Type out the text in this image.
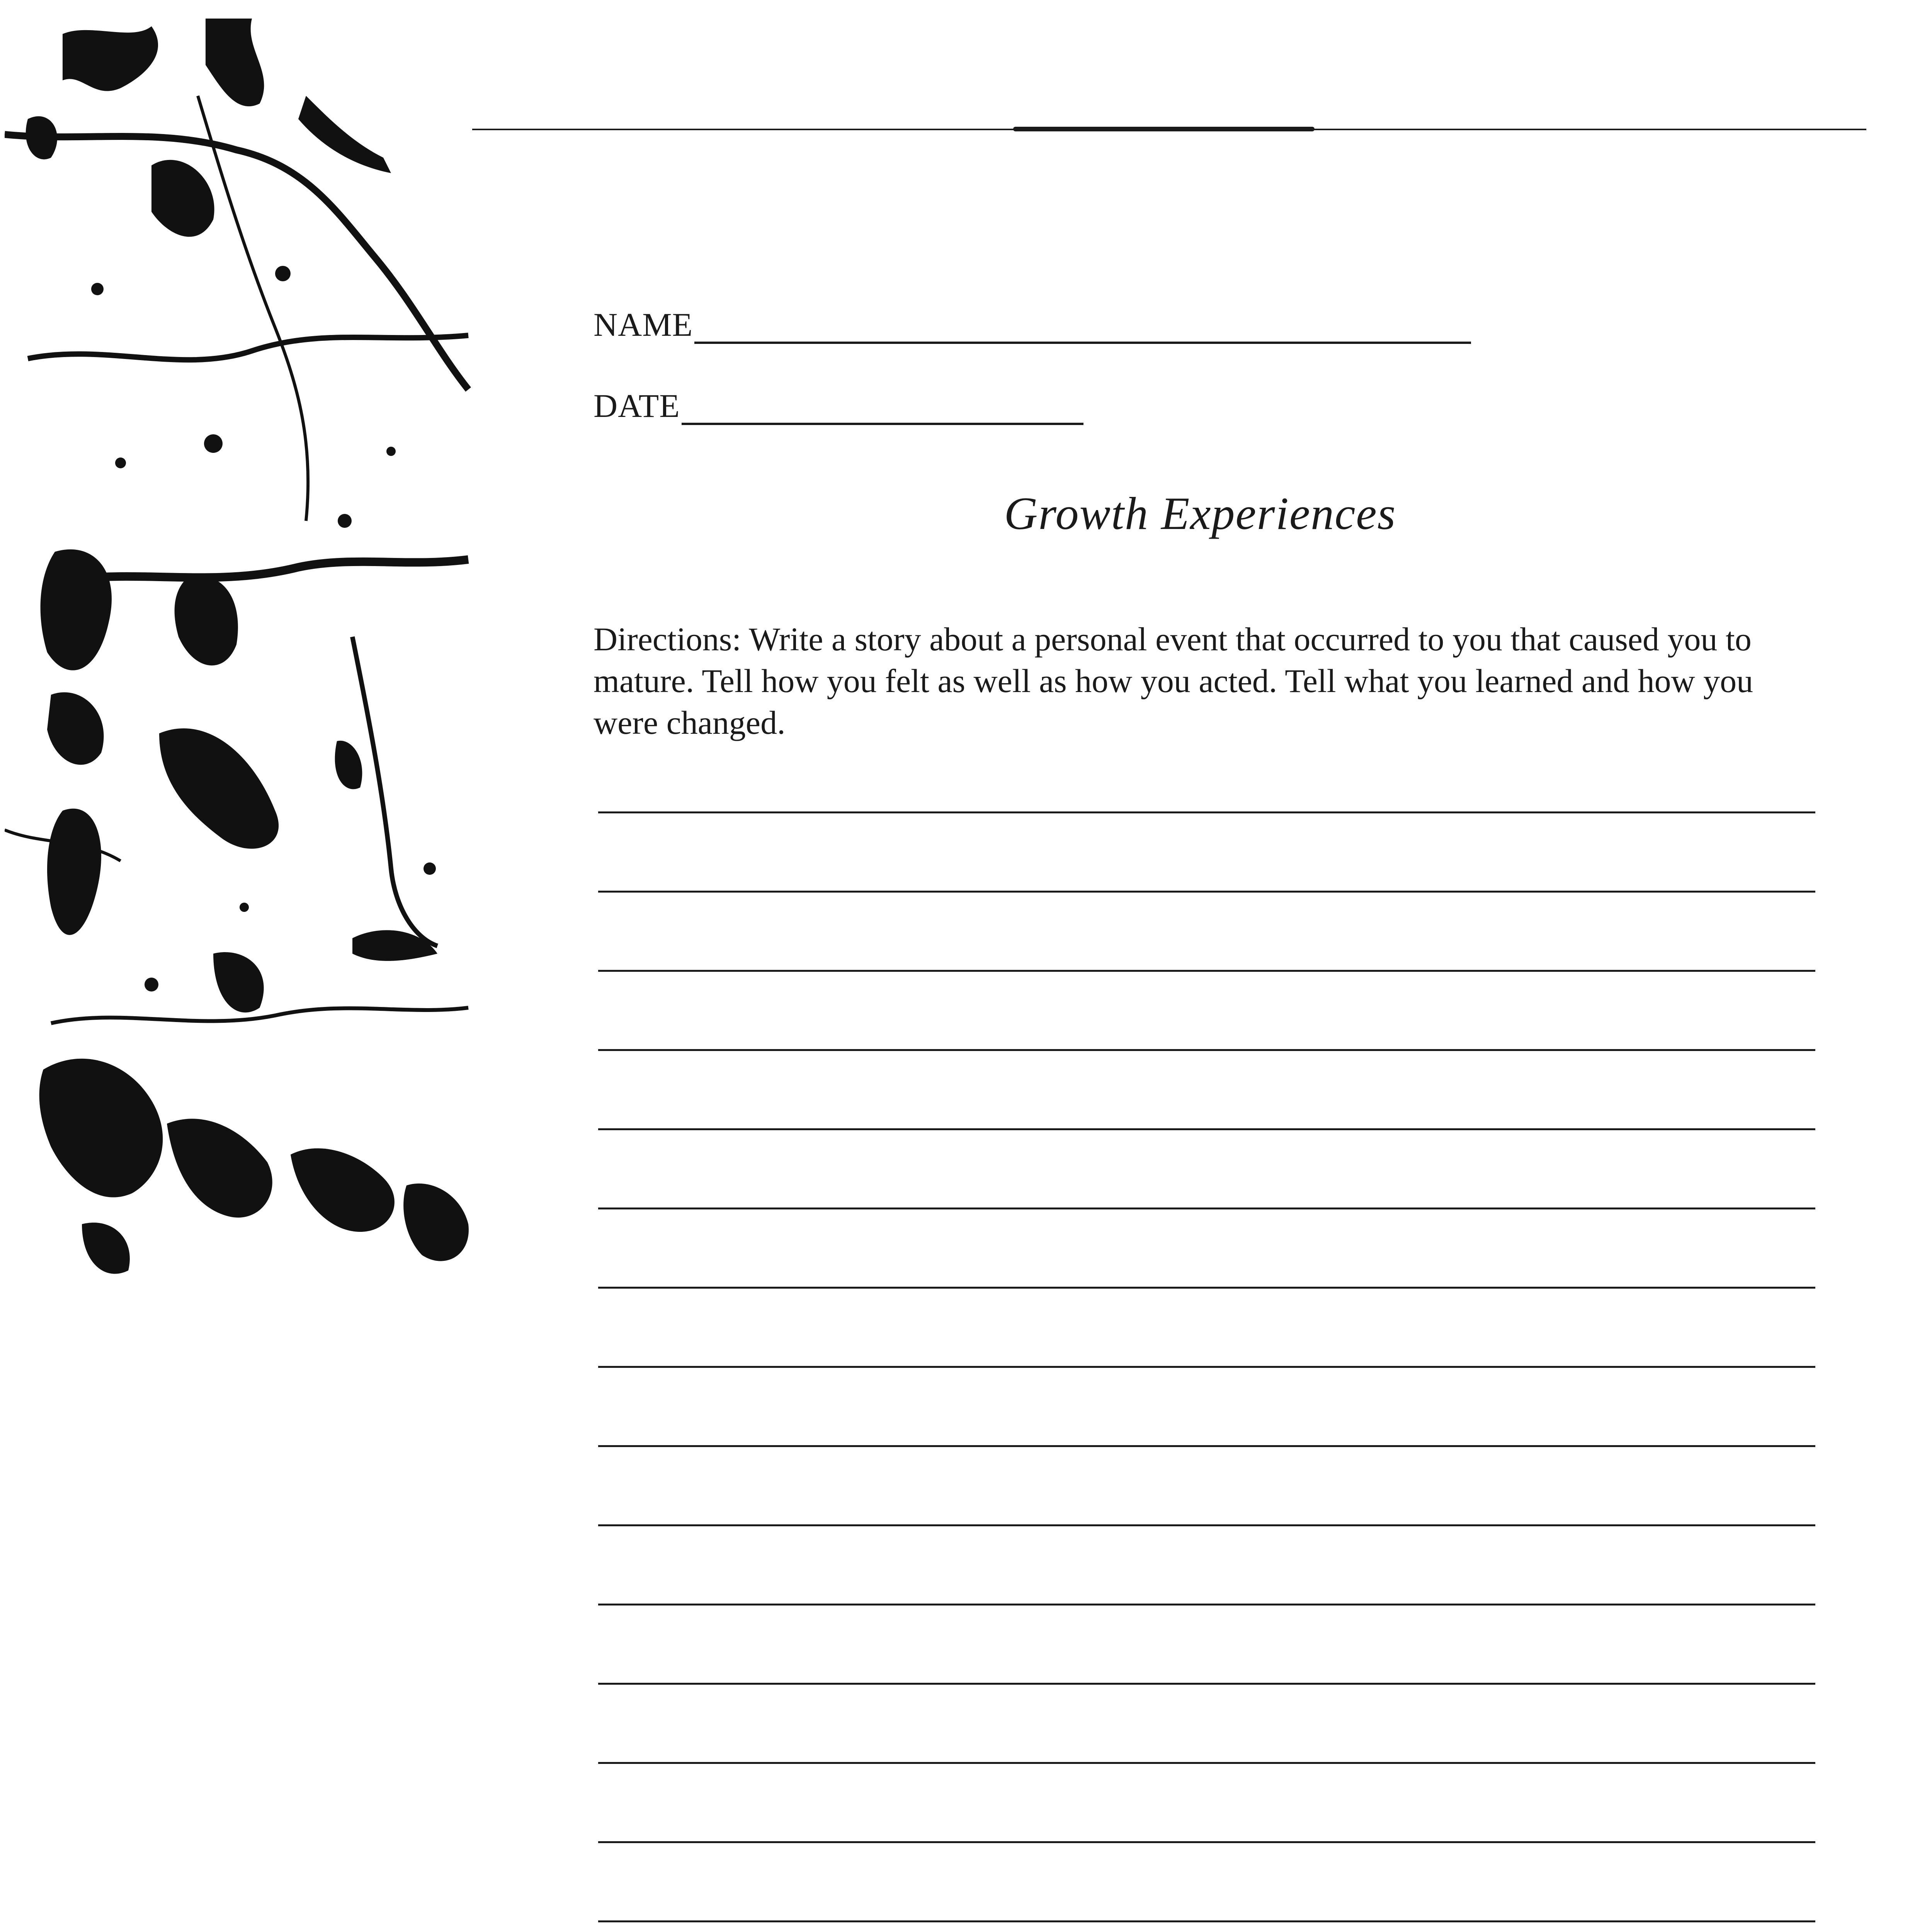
NAME
DATE
Growth Experiences

Directions: Write a story about a personal event that occurred to you that caused you to mature. Tell how you felt as well as how you acted. Tell what you learned and how you were changed.
